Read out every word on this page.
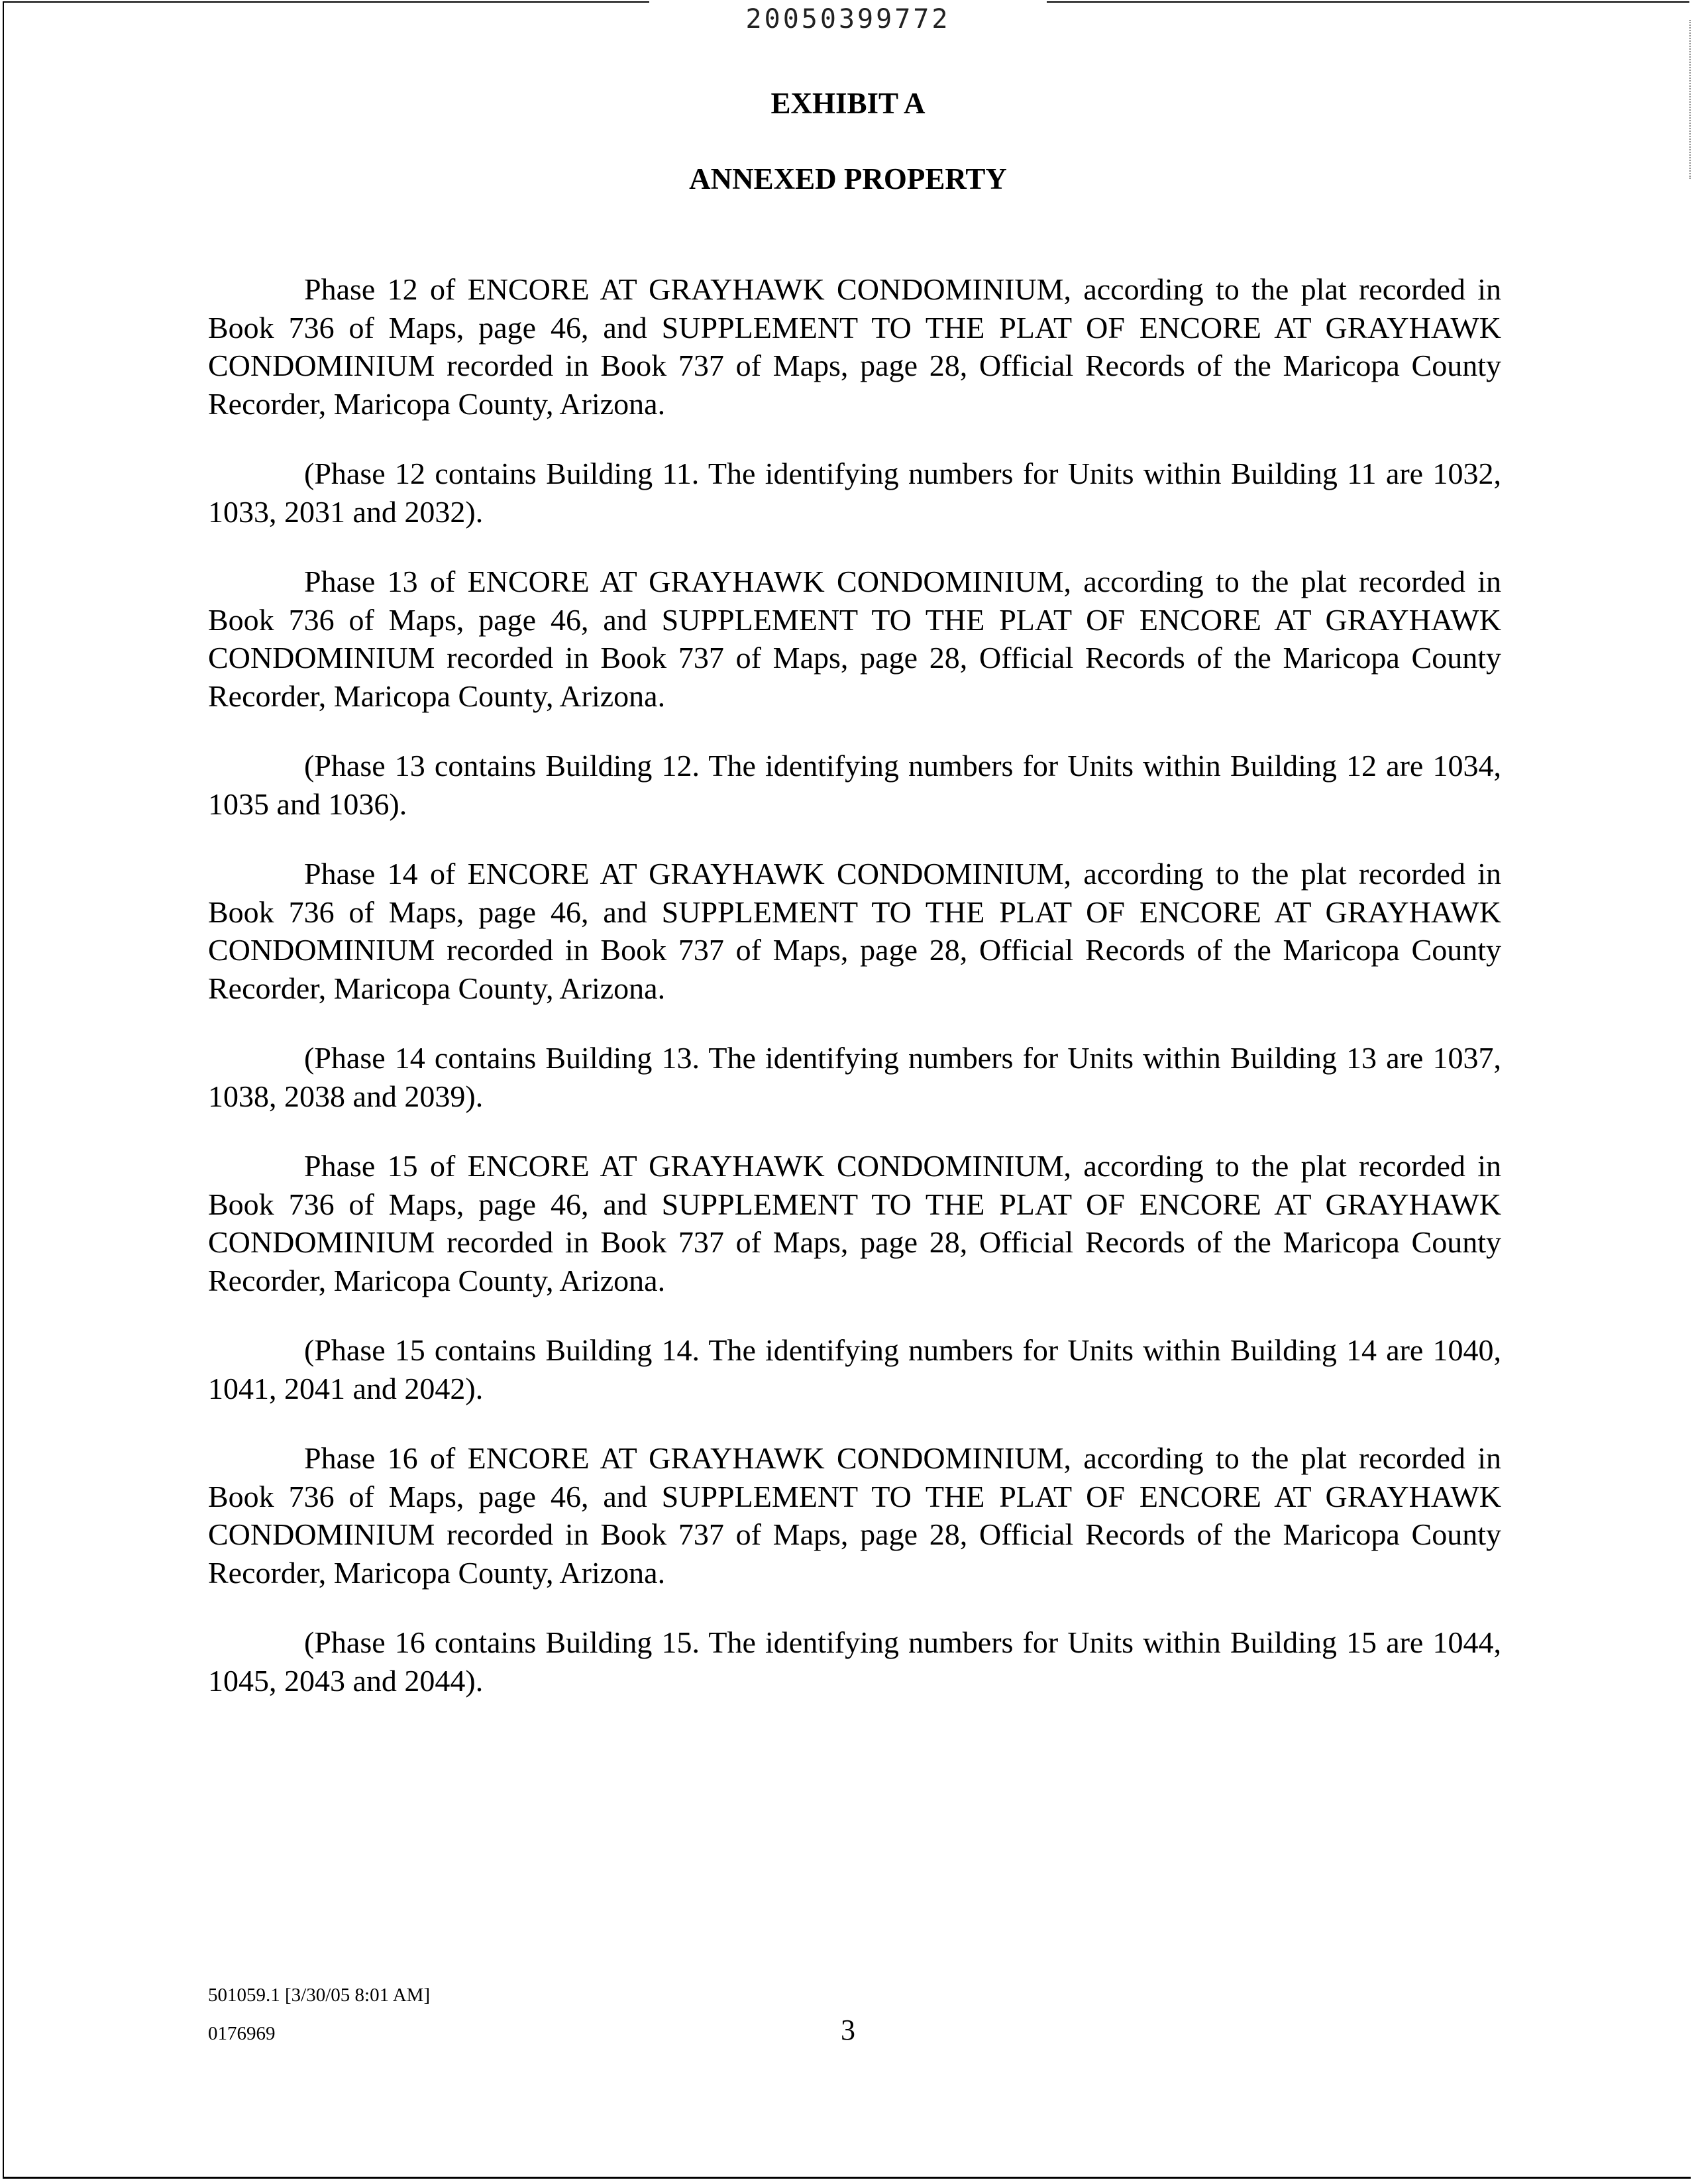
20050399772
EXHIBIT A
ANNEXED PROPERTY

Phase 12 of ENCORE AT GRAYHAWK CONDOMINIUM, according to the plat recorded in Book 736 of Maps, page 46, and SUPPLEMENT TO THE PLAT OF ENCORE AT GRAYHAWK CONDOMINIUM recorded in Book 737 of Maps, page 28, Official Records of the Maricopa County Recorder, Maricopa County, Arizona.

(Phase 12 contains Building 11. The identifying numbers for Units within Building 11 are 1032, 1033, 2031 and 2032).

Phase 13 of ENCORE AT GRAYHAWK CONDOMINIUM, according to the plat recorded in Book 736 of Maps, page 46, and SUPPLEMENT TO THE PLAT OF ENCORE AT GRAYHAWK CONDOMINIUM recorded in Book 737 of Maps, page 28, Official Records of the Maricopa County Recorder, Maricopa County, Arizona.

(Phase 13 contains Building 12. The identifying numbers for Units within Building 12 are 1034, 1035 and 1036).

Phase 14 of ENCORE AT GRAYHAWK CONDOMINIUM, according to the plat recorded in Book 736 of Maps, page 46, and SUPPLEMENT TO THE PLAT OF ENCORE AT GRAYHAWK CONDOMINIUM recorded in Book 737 of Maps, page 28, Official Records of the Maricopa County Recorder, Maricopa County, Arizona.

(Phase 14 contains Building 13. The identifying numbers for Units within Building 13 are 1037, 1038, 2038 and 2039).

Phase 15 of ENCORE AT GRAYHAWK CONDOMINIUM, according to the plat recorded in Book 736 of Maps, page 46, and SUPPLEMENT TO THE PLAT OF ENCORE AT GRAYHAWK CONDOMINIUM recorded in Book 737 of Maps, page 28, Official Records of the Maricopa County Recorder, Maricopa County, Arizona.

(Phase 15 contains Building 14. The identifying numbers for Units within Building 14 are 1040, 1041, 2041 and 2042).

Phase 16 of ENCORE AT GRAYHAWK CONDOMINIUM, according to the plat recorded in Book 736 of Maps, page 46, and SUPPLEMENT TO THE PLAT OF ENCORE AT GRAYHAWK CONDOMINIUM recorded in Book 737 of Maps, page 28, Official Records of the Maricopa County Recorder, Maricopa County, Arizona.

(Phase 16 contains Building 15. The identifying numbers for Units within Building 15 are 1044, 1045, 2043 and 2044).

501059.1 [3/30/05 8:01 AM]
0176969	3
